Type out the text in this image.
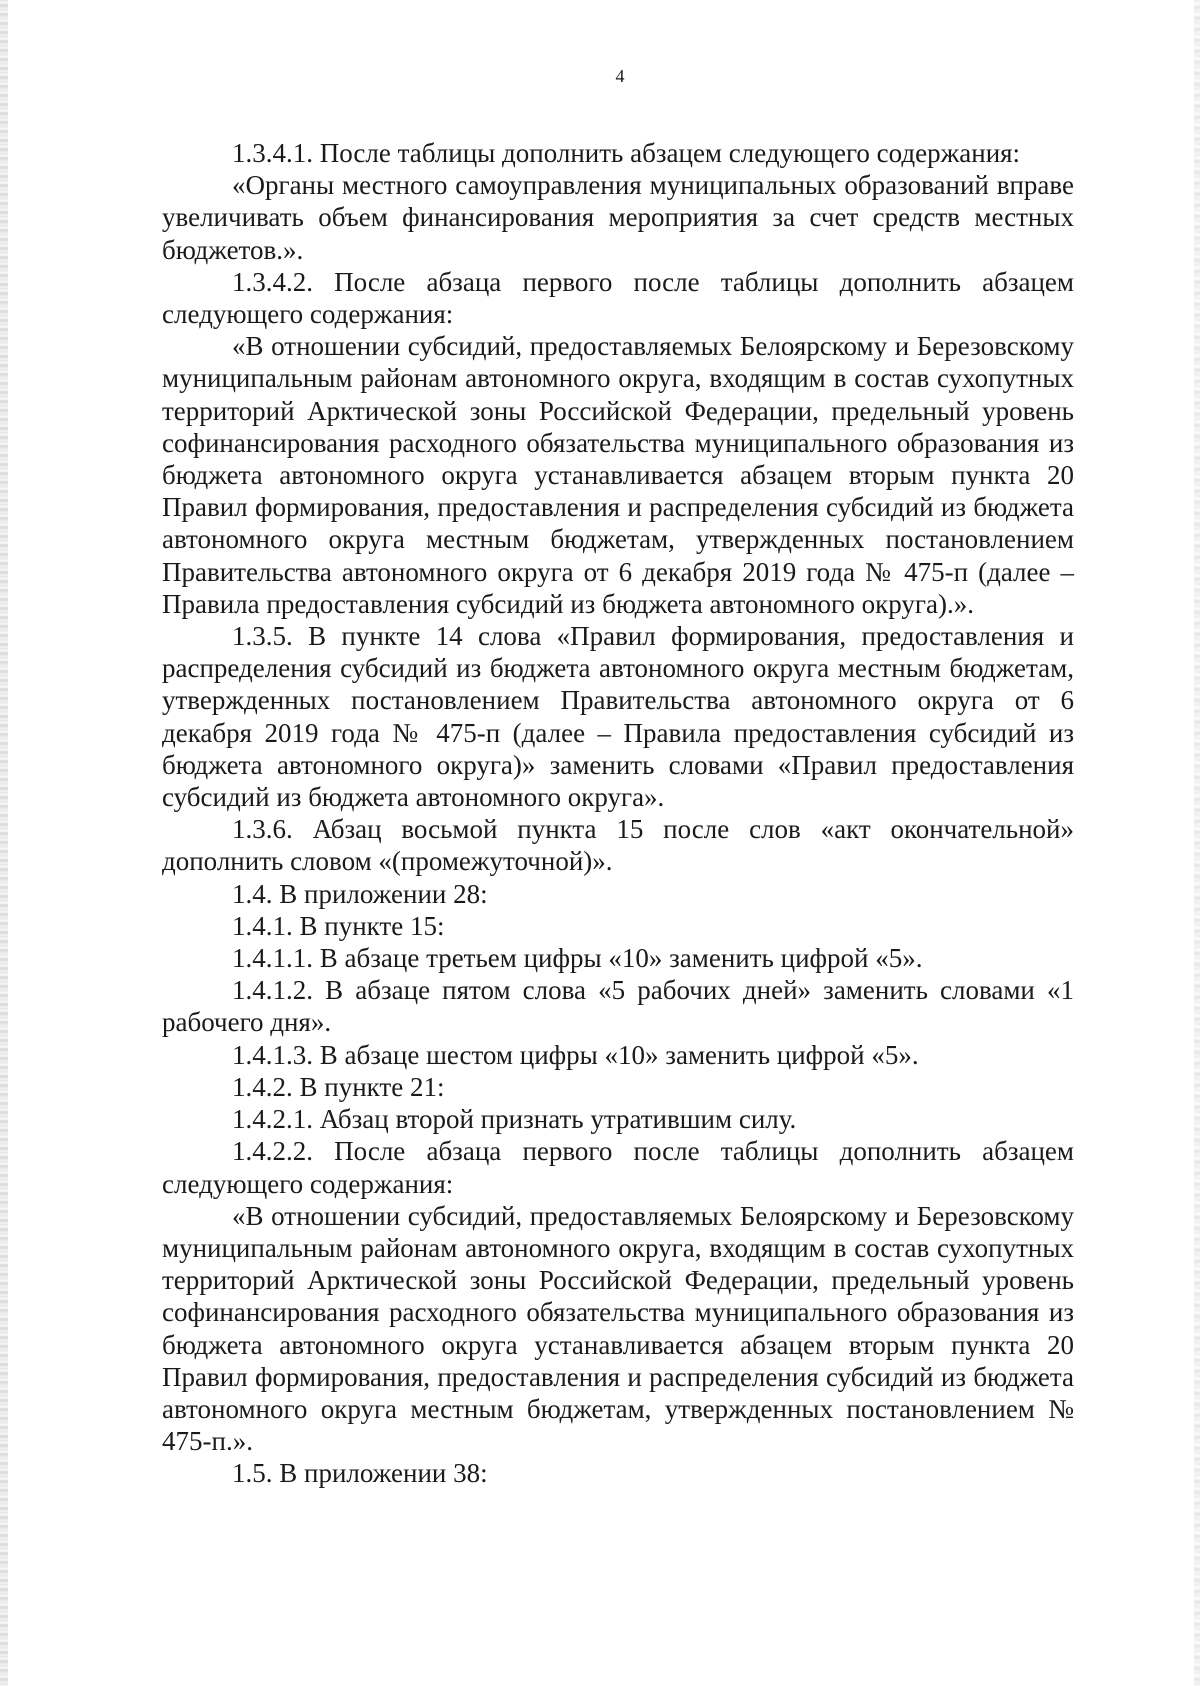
4

1.3.4.1. После таблицы дополнить абзацем следующего содержания:

«Органы местного самоуправления муниципальных образований вправе увеличивать объем финансирования мероприятия за счет средств местных бюджетов.».

1.3.4.2. После абзаца первого после таблицы дополнить абзацем следующего содержания:

«В отношении субсидий, предоставляемых Белоярскому и Березовскому муниципальным районам автономного округа, входящим в состав сухопутных территорий Арктической зоны Российской Федерации, предельный уровень софинансирования расходного обязательства муниципального образования из бюджета автономного округа устанавливается абзацем вторым пункта 20 Правил формирования, предоставления и распределения субсидий из бюджета автономного округа местным бюджетам, утвержденных постановлением Правительства автономного округа от 6 декабря 2019 года № 475-п (далее – Правила предоставления субсидий из бюджета автономного округа).».

1.3.5. В пункте 14 слова «Правил формирования, предоставления и распределения субсидий из бюджета автономного округа местным бюджетам, утвержденных постановлением Правительства автономного округа от 6 декабря 2019 года № 475-п (далее – Правила предоставления субсидий из бюджета автономного округа)» заменить словами «Правил предоставления субсидий из бюджета автономного округа».

1.3.6. Абзац восьмой пункта 15 после слов «акт окончательной» дополнить словом «(промежуточной)».

1.4. В приложении 28:

1.4.1. В пункте 15:

1.4.1.1. В абзаце третьем цифры «10» заменить цифрой «5».

1.4.1.2. В абзаце пятом слова «5 рабочих дней» заменить словами «1 рабочего дня».

1.4.1.3. В абзаце шестом цифры «10» заменить цифрой «5».

1.4.2. В пункте 21:

1.4.2.1. Абзац второй признать утратившим силу.

1.4.2.2. После абзаца первого после таблицы дополнить абзацем следующего содержания:

«В отношении субсидий, предоставляемых Белоярскому и Березовскому муниципальным районам автономного округа, входящим в состав сухопутных территорий Арктической зоны Российской Федерации, предельный уровень софинансирования расходного обязательства муниципального образования из бюджета автономного округа устанавливается абзацем вторым пункта 20 Правил формирования, предоставления и распределения субсидий из бюджета автономного округа местным бюджетам, утвержденных постановлением № 475-п.».

1.5. В приложении 38:
